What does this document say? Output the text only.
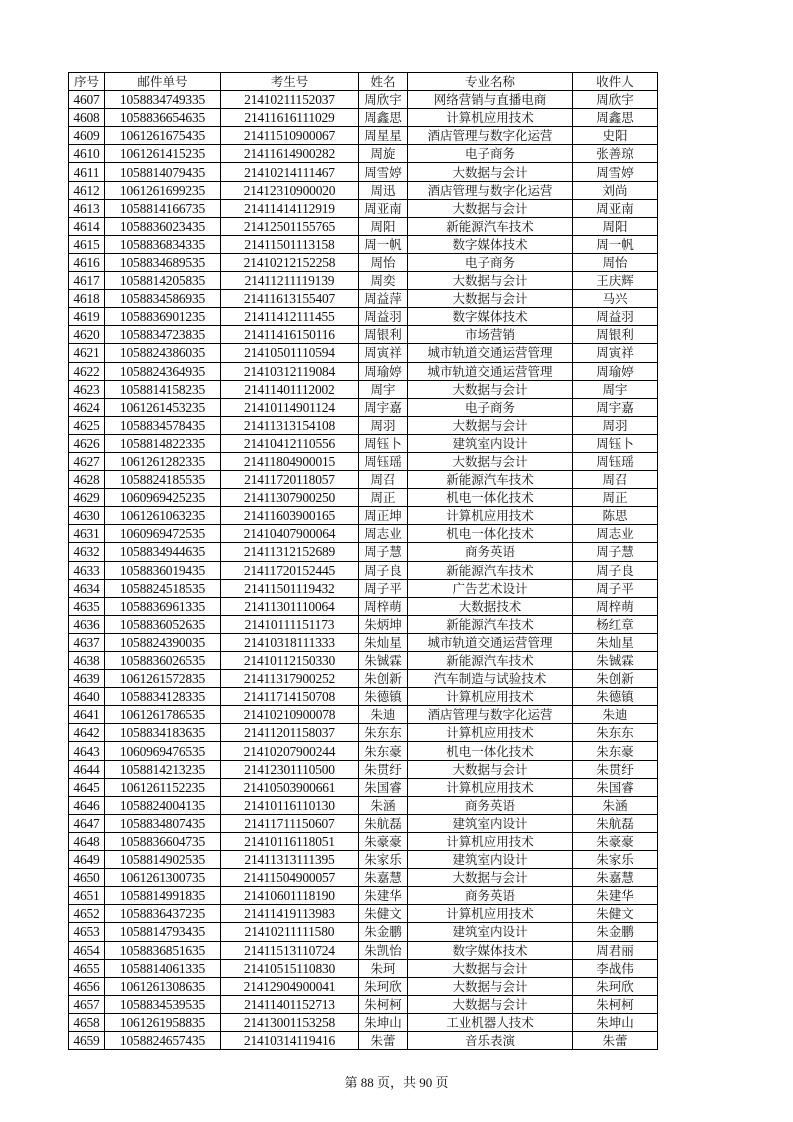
序号	邮件单号	考生号	姓名	专业名称	收件人
4607	1058834749335	21410211152037	周欣宇	网络营销与直播电商	周欣宇
4608	1058836654635	21411616111029	周鑫思	计算机应用技术	周鑫思
4609	1061261675435	21411510900067	周星星	酒店管理与数字化运营	史阳
4610	1061261415235	21411614900282	周旋	电子商务	张善琼
4611	1058814079435	21410214111467	周雪婷	大数据与会计	周雪婷
4612	1061261699235	21412310900020	周迅	酒店管理与数字化运营	刘尚
4613	1058814166735	21411414112919	周亚南	大数据与会计	周亚南
4614	1058836023435	21412501155765	周阳	新能源汽车技术	周阳
4615	1058836834335	21411501113158	周一帆	数字媒体技术	周一帆
4616	1058834689535	21410212152258	周怡	电子商务	周怡
4617	1058814205835	21411211119139	周奕	大数据与会计	王庆辉
4618	1058834586935	21411613155407	周益萍	大数据与会计	马兴
4619	1058836901235	21411412111455	周益羽	数字媒体技术	周益羽
4620	1058834723835	21411416150116	周银利	市场营销	周银利
4621	1058824386035	21410501110594	周寅祥	城市轨道交通运营管理	周寅祥
4622	1058824364935	21410312119084	周瑜婷	城市轨道交通运营管理	周瑜婷
4623	1058814158235	21411401112002	周宇	大数据与会计	周宇
4624	1061261453235	21410114901124	周宇嘉	电子商务	周宇嘉
4625	1058834578435	21411313154108	周羽	大数据与会计	周羽
4626	1058814822335	21410412110556	周钰卜	建筑室内设计	周钰卜
4627	1061261282335	21411804900015	周钰瑶	大数据与会计	周钰瑶
4628	1058824185535	21411720118057	周召	新能源汽车技术	周召
4629	1060969425235	21411307900250	周正	机电一体化技术	周正
4630	1061261063235	21411603900165	周正坤	计算机应用技术	陈思
4631	1060969472535	21410407900064	周志业	机电一体化技术	周志业
4632	1058834944635	21411312152689	周子慧	商务英语	周子慧
4633	1058836019435	21411720152445	周子良	新能源汽车技术	周子良
4634	1058824518535	21411501119432	周子平	广告艺术设计	周子平
4635	1058836961335	21411301110064	周梓萌	大数据技术	周梓萌
4636	1058836052635	21410111151173	朱炳坤	新能源汽车技术	杨红章
4637	1058824390035	21410318111333	朱灿星	城市轨道交通运营管理	朱灿星
4638	1058836026535	21410112150330	朱铖霖	新能源汽车技术	朱铖霖
4639	1061261572835	21411317900252	朱创新	汽车制造与试验技术	朱创新
4640	1058834128335	21411714150708	朱德镇	计算机应用技术	朱德镇
4641	1061261786535	21410210900078	朱迪	酒店管理与数字化运营	朱迪
4642	1058834183635	21411201158037	朱东东	计算机应用技术	朱东东
4643	1060969476535	21410207900244	朱东豪	机电一体化技术	朱东豪
4644	1058814213235	21412301110500	朱贯纡	大数据与会计	朱贯纡
4645	1061261152235	21410503900661	朱国睿	计算机应用技术	朱国睿
4646	1058824004135	21410116110130	朱涵	商务英语	朱涵
4647	1058834807435	21411711150607	朱航磊	建筑室内设计	朱航磊
4648	1058836604735	21410116118051	朱豪豪	计算机应用技术	朱豪豪
4649	1058814902535	21411313111395	朱家乐	建筑室内设计	朱家乐
4650	1061261300735	21411504900057	朱嘉慧	大数据与会计	朱嘉慧
4651	1058814991835	21410601118190	朱建华	商务英语	朱建华
4652	1058836437235	21411419113983	朱健文	计算机应用技术	朱健文
4653	1058814793435	21410211111580	朱金鹏	建筑室内设计	朱金鹏
4654	1058836851635	21411513110724	朱凯怡	数字媒体技术	周君丽
4655	1058814061335	21410515110830	朱珂	大数据与会计	李战伟
4656	1061261308635	21412904900041	朱珂欣	大数据与会计	朱珂欣
4657	1058834539535	21411401152713	朱柯柯	大数据与会计	朱柯柯
4658	1061261958835	21413001153258	朱坤山	工业机器人技术	朱坤山
4659	1058824657435	21410314119416	朱蕾	音乐表演	朱蕾
第 88 页，共 90 页
